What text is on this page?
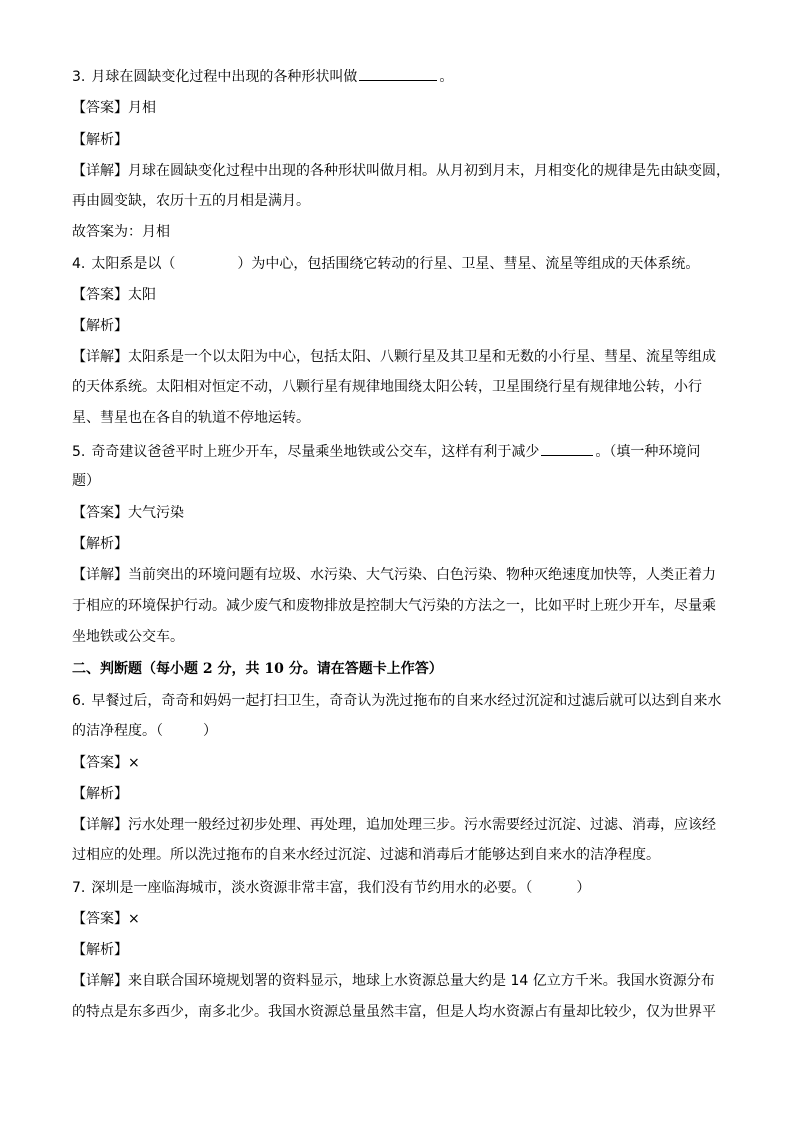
3. 月球在圆缺变化过程中出现的各种形状叫做	。
【答案】月相
【解析】
【详解】月球在圆缺变化过程中出现的各种形状叫做月相。从月初到月末，月相变化的规律是先由缺变圆，
再由圆变缺，农历十五的月相是满月。
故答案为：月相
4. 太阳系是以（	）为中心，包括围绕它转动的行星、卫星、彗星、流星等组成的天体系统。
【答案】太阳
【解析】
【详解】太阳系是一个以太阳为中心，包括太阳、八颗行星及其卫星和无数的小行星、彗星、流星等组成
的天体系统。太阳相对恒定不动，八颗行星有规律地围绕太阳公转，卫星围绕行星有规律地公转，小行
星、彗星也在各自的轨道不停地运转。
5. 奇奇建议爸爸平时上班少开车，尽量乘坐地铁或公交车，这样有利于减少	。（填一种环境问
题）
【答案】大气污染
【解析】
【详解】当前突出的环境问题有垃圾、水污染、大气污染、白色污染、物种灭绝速度加快等，人类正着力
于相应的环境保护行动。减少废气和废物排放是控制大气污染的方法之一，比如平时上班少开车，尽量乘
坐地铁或公交车。
二、判断题（每小题 2 分，共 10 分。请在答题卡上作答）
6. 早餐过后，奇奇和妈妈一起打扫卫生，奇奇认为洗过拖布的自来水经过沉淀和过滤后就可以达到自来水
的洁净程度。（	）
【答案】×
【解析】
【详解】污水处理一般经过初步处理、再处理，追加处理三步。污水需要经过沉淀、过滤、消毒，应该经
过相应的处理。所以洗过拖布的自来水经过沉淀、过滤和消毒后才能够达到自来水的洁净程度。
7. 深圳是一座临海城市，淡水资源非常丰富，我们没有节约用水的必要。（	）
【答案】×
【解析】
【详解】来自联合国环境规划署的资料显示，地球上水资源总量大约是 14 亿立方千米。我国水资源分布
的特点是东多西少，南多北少。我国水资源总量虽然丰富，但是人均水资源占有量却比较少，仅为世界平
